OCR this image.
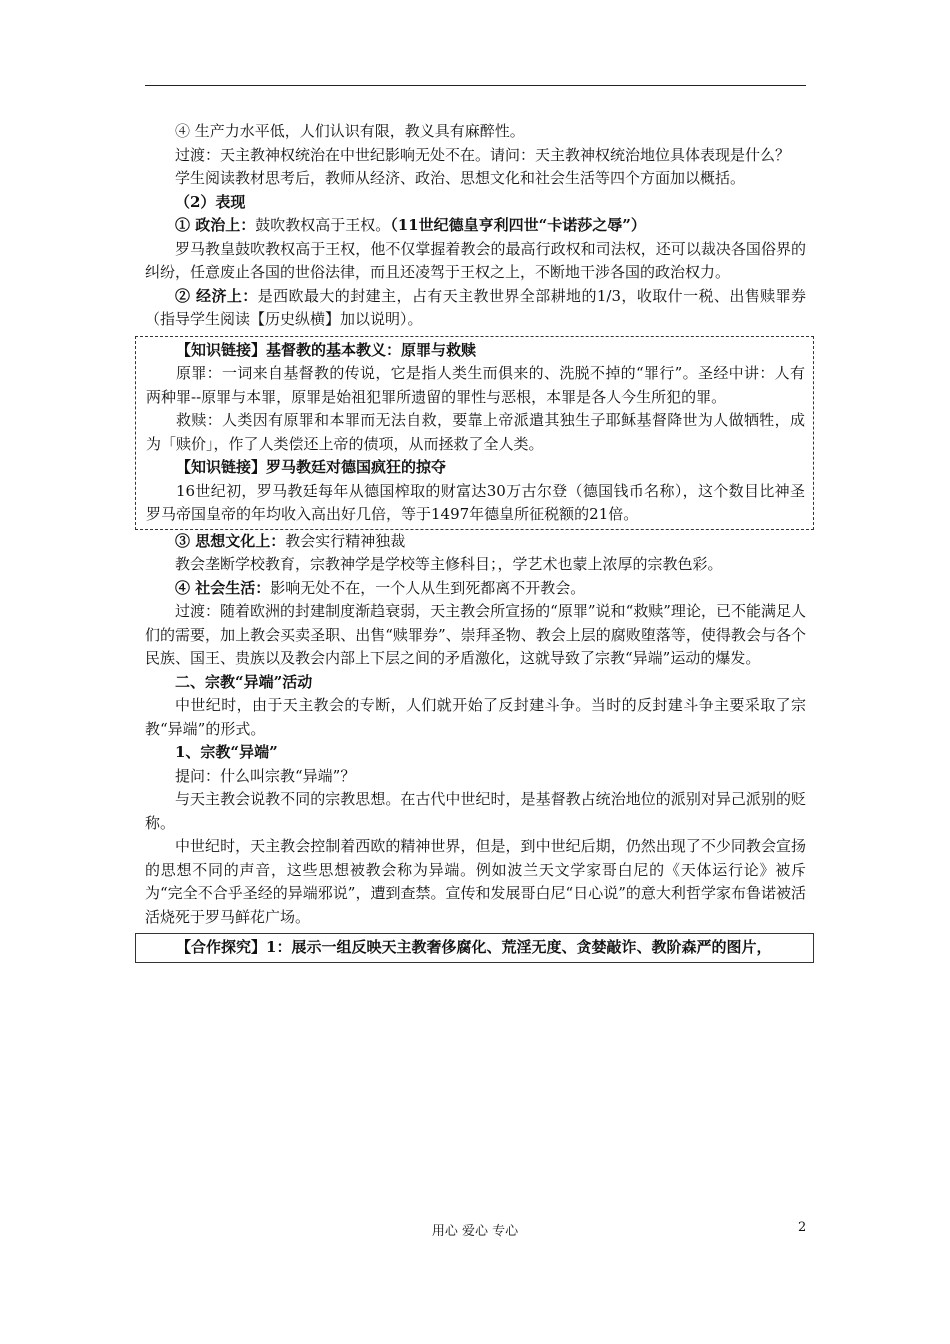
④ 生产力水平低，人们认识有限，教义具有麻醉性。

过渡：天主教神权统治在中世纪影响无处不在。请问：天主教神权统治地位具体表现是什么？

学生阅读教材思考后，教师从经济、政治、思想文化和社会生活等四个方面加以概括。

（2）表现

① 政治上：鼓吹教权高于王权。（11世纪德皇亨利四世“卡诺莎之辱”）

罗马教皇鼓吹教权高于王权，他不仅掌握着教会的最高行政权和司法权，还可以裁决各国俗界的纠纷，任意废止各国的世俗法律，而且还凌驾于王权之上，不断地干涉各国的政治权力。

② 经济上：是西欧最大的封建主，占有天主教世界全部耕地的1/3，收取什一税、出售赎罪券（指导学生阅读【历史纵横】加以说明）。

【知识链接】基督教的基本教义：原罪与救赎

原罪：一词来自基督教的传说，它是指人类生而俱来的、洗脱不掉的“罪行”。圣经中讲：人有两种罪--原罪与本罪，原罪是始祖犯罪所遗留的罪性与恶根，本罪是各人今生所犯的罪。

救赎：人类因有原罪和本罪而无法自救，要靠上帝派遣其独生子耶稣基督降世为人做牺牲，成为「赎价」，作了人类偿还上帝的债项，从而拯救了全人类。

【知识链接】罗马教廷对德国疯狂的掠夺

16世纪初，罗马教廷每年从德国榨取的财富达30万古尔登（德国钱币名称），这个数目比神圣罗马帝国皇帝的年均收入高出好几倍，等于1497年德皇所征税额的21倍。

③ 思想文化上：教会实行精神独裁

教会垄断学校教育，宗教神学是学校等主修科目；，学艺术也蒙上浓厚的宗教色彩。

④ 社会生活：影响无处不在，一个人从生到死都离不开教会。

过渡：随着欧洲的封建制度渐趋衰弱，天主教会所宣扬的“原罪”说和“救赎”理论，已不能满足人们的需要，加上教会买卖圣职、出售“赎罪券”、崇拜圣物、教会上层的腐败堕落等，使得教会与各个民族、国王、贵族以及教会内部上下层之间的矛盾激化，这就导致了宗教“异端”运动的爆发。

二、宗教“异端”活动

中世纪时，由于天主教会的专断，人们就开始了反封建斗争。当时的反封建斗争主要采取了宗教“异端”的形式。

1、宗教“异端”

提问：什么叫宗教“异端”？

与天主教会说教不同的宗教思想。在古代中世纪时，是基督教占统治地位的派别对异己派别的贬称。

中世纪时，天主教会控制着西欧的精神世界，但是，到中世纪后期，仍然出现了不少同教会宣扬的思想不同的声音，这些思想被教会称为异端。例如波兰天文学家哥白尼的《天体运行论》被斥为“完全不合乎圣经的异端邪说”，遭到查禁。宣传和发展哥白尼“日心说”的意大利哲学家布鲁诺被活活烧死于罗马鲜花广场。

【合作探究】1：展示一组反映天主教奢侈腐化、荒淫无度、贪婪敲诈、教阶森严的图片，

用心 爱心 专心	2
